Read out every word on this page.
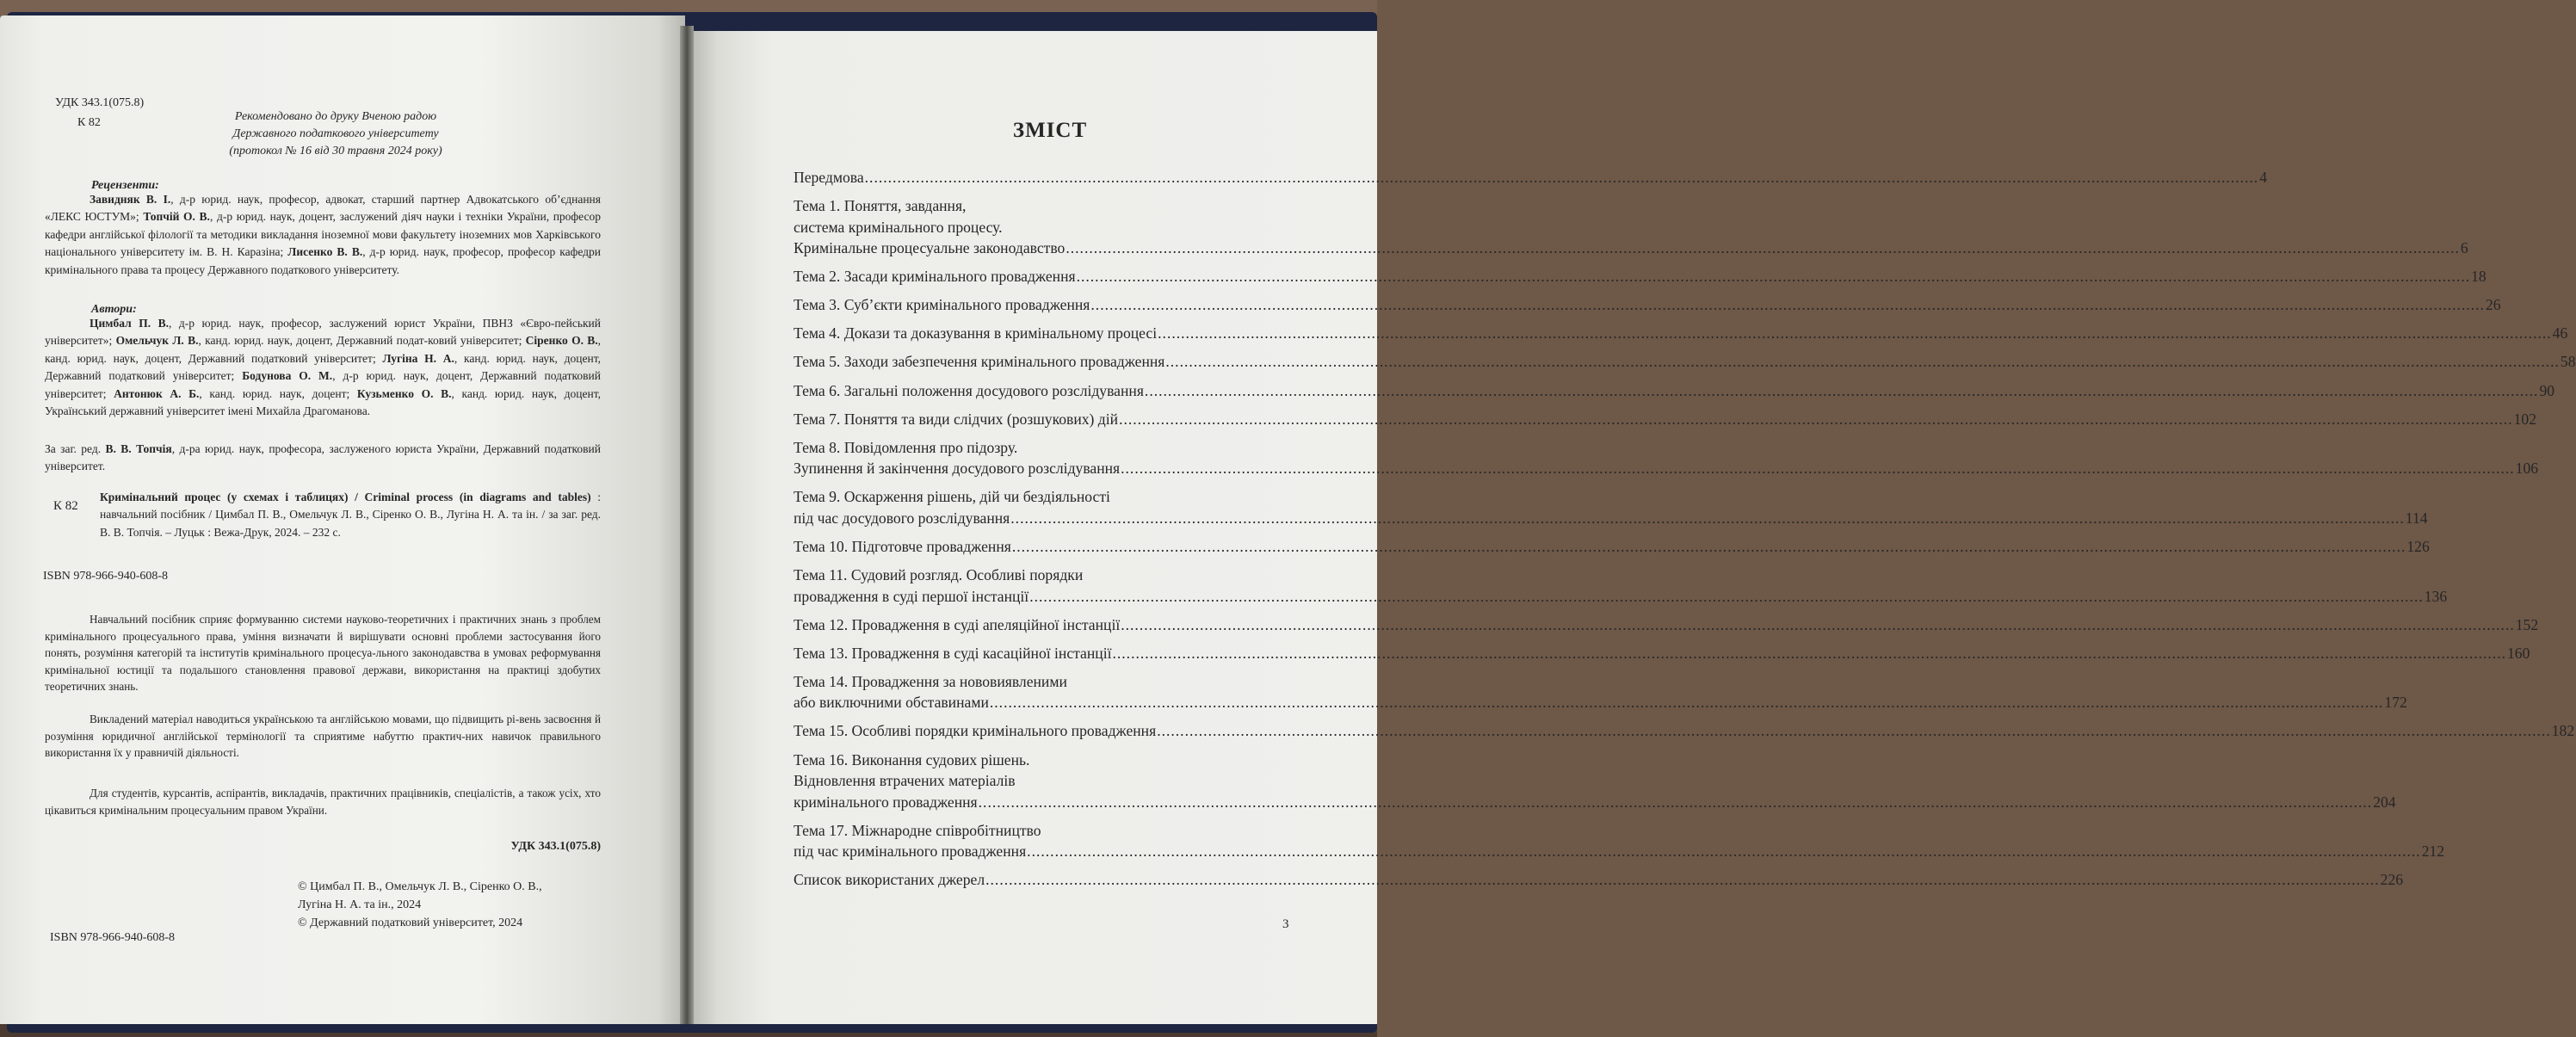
УДК 343.1(075.8)
К 82	Рекомендовано до друку Вченою радою
Державного податкового університету
(протокол № 16 від 30 травня 2024 року)
Рецензенти:
Завидняк В. І., д-р юрид. наук, професор, адвокат, старший партнер Адвокатського об’єднання «ЛЕКС ЮСТУМ»; Топчій О. В., д-р юрид. наук, доцент, заслужений діяч науки і техніки України, професор кафедри англійської філології та методики викладання іноземної мови факультету іноземних мов Харківського національного університету ім. В. Н. Каразіна; Лисенко В. В., д-р юрид. наук, професор, професор кафедри кримінального права та процесу Державного податкового університету.
Автори:
Цимбал П. В., д-р юрид. наук, професор, заслужений юрист України, ПВНЗ «Євро-пейський університет»; Омельчук Л. В., канд. юрид. наук, доцент, Державний подат-ковий університет; Сіренко О. В., канд. юрид. наук, доцент, Державний податковий університет; Лугіна Н. А., канд. юрид. наук, доцент, Державний податковий університет; Бодунова О. М., д-р юрид. наук, доцент, Державний податковий університет; Антонюк А. Б., канд. юрид. наук, доцент; Кузьменко О. В., канд. юрид. наук, доцент, Український державний університет імені Михайла Драгоманова.
За заг. ред. В. В. Топчія, д-ра юрид. наук, професора, заслуженого юриста України, Державний податковий університет.
К 82
Кримінальний процес (у схемах і таблицях) / Criminal process (in diagrams and tables) : навчальний посібник / Цимбал П. В., Омельчук Л. В., Сіренко О. В., Лугіна Н. А. та ін. / за заг. ред. В. В. Топчія. – Луцьк : Вежа-Друк, 2024. – 232 с.
ISBN 978-966-940-608-8
Навчальний посібник сприяє формуванню системи науково-теоретичних і практичних знань з проблем кримінального процесуального права, уміння визначати й вирішувати основні проблеми застосування його понять, розуміння категорій та інститутів кримінального процесуа-льного законодавства в умовах реформування кримінальної юстиції та подальшого становлення правової держави, використання на практиці здобутих теоретичних знань.
Викладений матеріал наводиться українською та англійською мовами, що підвищить рі-вень засвоєння й розуміння юридичної англійської термінології та сприятиме набуттю практич-них навичок правильного використання їх у правничій діяльності.
Для студентів, курсантів, аспірантів, викладачів, практичних працівників, спеціалістів, а також усіх, хто цікавиться кримінальним процесуальним правом України.
УДК 343.1(075.8)
© Цимбал П. В., Омельчук Л. В., Сіренко О. В.,
Лугіна Н. А. та ін., 2024
© Державний податковий університет, 2024
ISBN 978-966-940-608-8
ЗМІСТ
Передмова ............................................................................................................................................................................................................................................................................................................ 4
Тема 1. Поняття, завдання,
система кримінального процесу.
Кримінальне процесуальне законодавство ............................................................................................................................................................................................................................................................................................................ 6
Тема 2. Засади кримінального провадження ............................................................................................................................................................................................................................................................................................................ 18
Тема 3. Суб’єкти кримінального провадження ............................................................................................................................................................................................................................................................................................................ 26
Тема 4. Докази та доказування в кримінальному процесі ............................................................................................................................................................................................................................................................................................................ 46
Тема 5. Заходи забезпечення кримінального провадження ............................................................................................................................................................................................................................................................................................................ 58
Тема 6. Загальні положення досудового розслідування ............................................................................................................................................................................................................................................................................................................ 90
Тема 7. Поняття та види слідчих (розшукових) дій ............................................................................................................................................................................................................................................................................................................ 102
Тема 8. Повідомлення про підозру.
Зупинення й закінчення досудового розслідування ............................................................................................................................................................................................................................................................................................................ 106
Тема 9. Оскарження рішень, дій чи бездіяльності
під час досудового розслідування ............................................................................................................................................................................................................................................................................................................ 114
Тема 10. Підготовче провадження ............................................................................................................................................................................................................................................................................................................ 126
Тема 11. Судовий розгляд. Особливі порядки
провадження в суді першої інстанції ............................................................................................................................................................................................................................................................................................................ 136
Тема 12. Провадження в суді апеляційної інстанції ............................................................................................................................................................................................................................................................................................................ 152
Тема 13. Провадження в суді касаційної інстанції ............................................................................................................................................................................................................................................................................................................ 160
Тема 14. Провадження за нововиявленими
або виключними обставинами ............................................................................................................................................................................................................................................................................................................ 172
Тема 15. Особливі порядки кримінального провадження ............................................................................................................................................................................................................................................................................................................ 182
Тема 16. Виконання судових рішень.
Відновлення втрачених матеріалів
кримінального провадження ............................................................................................................................................................................................................................................................................................................ 204
Тема 17. Міжнародне співробітництво
під час кримінального провадження ............................................................................................................................................................................................................................................................................................................ 212
Список використаних джерел ............................................................................................................................................................................................................................................................................................................ 226
3
